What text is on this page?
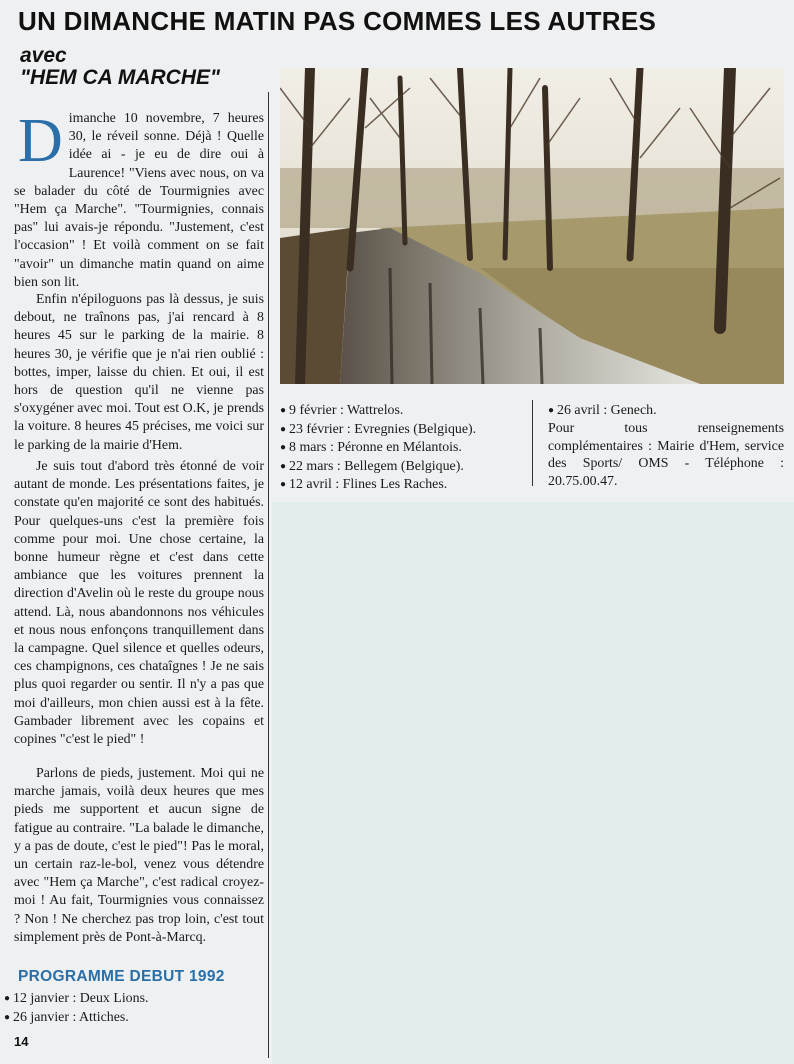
UN DIMANCHE MATIN PAS COMMES LES AUTRES
avec
"HEM CA MARCHE"

Dimanche 10 novembre, 7 heures 30, le réveil sonne. Déjà ! Quelle idée ai - je eu de dire oui à Laurence! "Viens avec nous, on va se balader du côté de Tourmignies avec "Hem ça Marche". "Tourmignies, connais pas" lui avais-je répondu. "Justement, c'est l'occasion" ! Et voilà comment on se fait "avoir" un dimanche matin quand on aime bien son lit.

Enfin n'épiloguons pas là dessus, je suis debout, ne traînons pas, j'ai rencard à 8 heures 45 sur le parking de la mairie. 8 heures 30, je vérifie que je n'ai rien oublié : bottes, imper, laisse du chien. Et oui, il est hors de question qu'il ne vienne pas s'oxygéner avec moi. Tout est O.K, je prends la voiture. 8 heures 45 précises, me voici sur le parking de la mairie d'Hem.

Je suis tout d'abord très étonné de voir autant de monde. Les présentations faites, je constate qu'en majorité ce sont des habitués. Pour quelques-uns c'est la première fois comme pour moi. Une chose certaine, la bonne humeur règne et c'est dans cette ambiance que les voitures prennent la direction d'Avelin où le reste du groupe nous attend. Là, nous abandonnons nos véhicules et nous nous enfonçons tranquillement dans la campagne. Quel silence et quelles odeurs, ces champignons, ces chataîgnes ! Je ne sais plus quoi regarder ou sentir. Il n'y a pas que moi d'ailleurs, mon chien aussi est à la fête. Gambader librement avec les copains et copines "c'est le pied" !

Parlons de pieds, justement. Moi qui ne marche jamais, voilà deux heures que mes pieds me supportent et aucun signe de fatigue au contraire. "La balade le dimanche, y a pas de doute, c'est le pied"! Pas le moral, un certain raz-le-bol, venez vous détendre avec "Hem ça Marche", c'est radical croyez-moi ! Au fait, Tourmignies vous connaissez ? Non ! Ne cherchez pas trop loin, c'est tout simplement près de Pont-à-Marcq.

PROGRAMME DEBUT 1992
● 12 janvier : Deux Lions.
● 26 janvier : Attiches.
14
● 9 février : Wattrelos.
● 23 février : Evregnies (Belgique).
● 8 mars : Péronne en Mélantois.
● 22 mars : Bellegem (Belgique).
● 12 avril : Flines Les Raches.
● 26 avril : Genech.
Pour tous renseignements complémentaires : Mairie d'Hem, service des Sports/ OMS - Téléphone : 20.75.00.47.
